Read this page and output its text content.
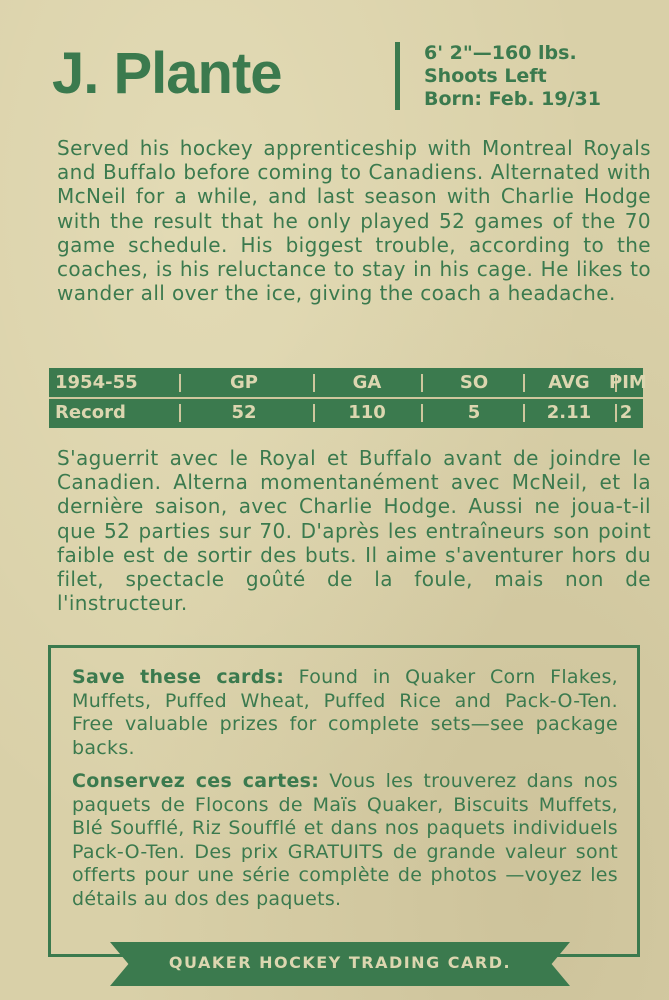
J. Plante	6' 2"—160 lbs.
Shoots Left
Born: Feb. 19/31
Served his hockey apprenticeship with Montreal Royals and Buffalo before coming to Canadiens. Alternated with McNeil for a while, and last season with Charlie Hodge with the result that he only played 52 games of the 70 game schedule. His biggest trouble, according to the coaches, is his reluctance to stay in his cage. He likes to wander all over the ice, giving the coach a headache.
1954-55	GP	GA	SO	AVG	PIM
Record	52	110	5	2.11	2
S'aguerrit avec le Royal et Buffalo avant de joindre le Canadien. Alterna momentanément avec McNeil, et la dernière saison, avec Charlie Hodge. Aussi ne joua-t-il que 52 parties sur 70. D'après les entraîneurs son point faible est de sortir des buts. Il aime s'aventurer hors du filet, spectacle goûté de la foule, mais non de l'instructeur.
Save these cards: Found in Quaker Corn Flakes, Muffets, Puffed Wheat, Puffed Rice and Pack-O-Ten. Free valuable prizes for complete sets—see package backs.
Conservez ces cartes: Vous les trouverez dans nos paquets de Flocons de Maïs Quaker, Biscuits Muffets, Blé Soufflé, Riz Soufflé et dans nos paquets individuels Pack-O-Ten. Des prix GRATUITS de grande valeur sont offerts pour une série complète de photos —voyez les détails au dos des paquets.
QUAKER HOCKEY TRADING CARD.
